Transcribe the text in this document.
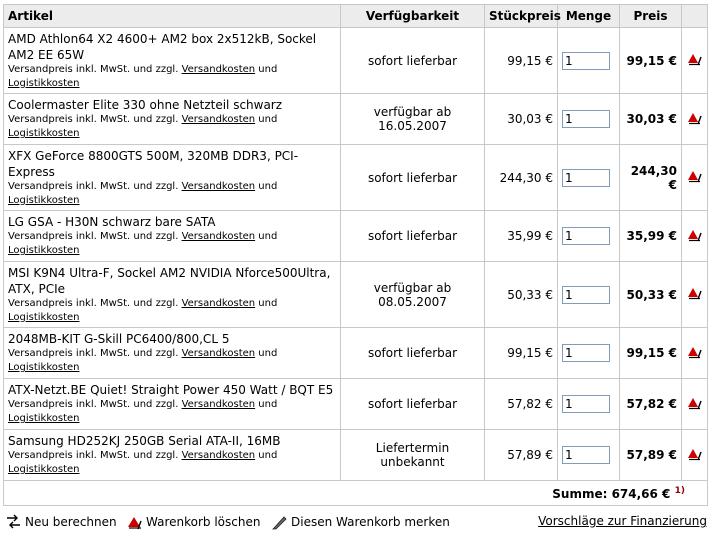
Artikel	Verfügbarkeit	Stückpreis	Menge	Preis	

AMD Athlon64 X2 4600+ AM2 box 2x512kB, Sockel AM2 EE 65W
Versandpreis inkl. MwSt. und zzgl. Versandkosten und Logistikkosten	sofort lieferbar	99,15 €	1	99,15 €	

Coolermaster Elite 330 ohne Netzteil schwarz
Versandpreis inkl. MwSt. und zzgl. Versandkosten und Logistikkosten	verfügbar ab 16.05.2007	30,03 €	1	30,03 €	

XFX GeForce 8800GTS 500M, 320MB DDR3, PCI-Express
Versandpreis inkl. MwSt. und zzgl. Versandkosten und Logistikkosten	sofort lieferbar	244,30 €	1	244,30 €	

LG GSA - H30N schwarz bare SATA
Versandpreis inkl. MwSt. und zzgl. Versandkosten und Logistikkosten	sofort lieferbar	35,99 €	1	35,99 €	

MSI K9N4 Ultra-F, Sockel AM2 NVIDIA Nforce500Ultra, ATX, PCIe
Versandpreis inkl. MwSt. und zzgl. Versandkosten und Logistikkosten	verfügbar ab 08.05.2007	50,33 €	1	50,33 €	

2048MB-KIT G-Skill PC6400/800,CL 5
Versandpreis inkl. MwSt. und zzgl. Versandkosten und Logistikkosten	sofort lieferbar	99,15 €	1	99,15 €	

ATX-Netzt.BE Quiet! Straight Power 450 Watt / BQT E5
Versandpreis inkl. MwSt. und zzgl. Versandkosten und Logistikkosten	sofort lieferbar	57,82 €	1	57,82 €	

Samsung HD252KJ 250GB Serial ATA-II, 16MB
Versandpreis inkl. MwSt. und zzgl. Versandkosten und Logistikkosten	Liefertermin unbekannt	57,89 €	1	57,89 €	
Summe: 674,66 € $^{1)}$
Neu berechnen Warenkorb löschen	Diesen Warenkorb merken	Vorschläge zur Finanzierung
